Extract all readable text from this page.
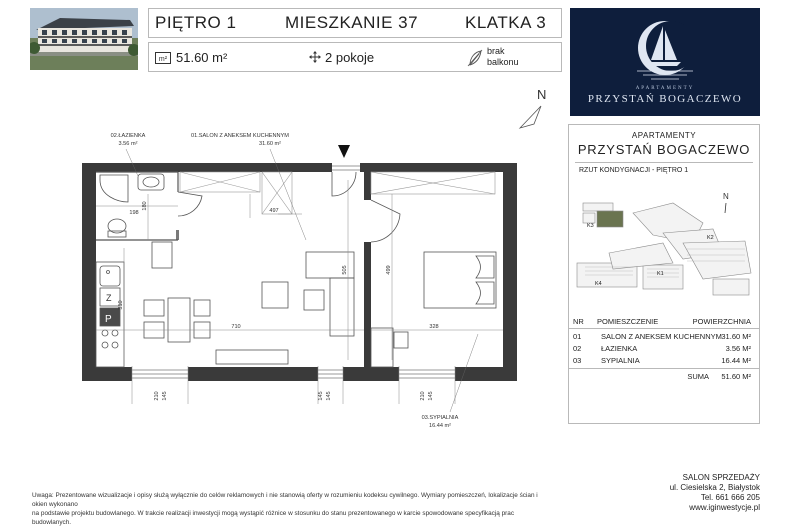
PIĘTRO 1	MIESZKANIE 37	KLATKA 3
m² 51.60 m²	2 pokoje	brak
balkonu
APARTAMENTY
PRZYSTAŃ BOGACZEWO
APARTAMENTY
PRZYSTAŃ BOGACZEWO
RZUT KONDYGNACJI - PIĘTRO 1
N
K3
K2
K1
K4
NR POMIESZCZENIE	POWIERZCHNIA
01	SALON Z ANEKSEM KUCHENNYM 31.60 M²
02	ŁAZIENKA	3.56 M²
03	SYPIALNIA	16.44 M²
SUMA 51.60 M²
N
Z
P
02.ŁAZIENKA
3.56 m²
01.SALON Z ANEKSEM KUCHENNYM
31.60 m²
03.SYPIALNIA
16.44 m²
198
180
497
505	499
310
710	328
210 145	145 145	210 145
SALON SPRZEDAŻY
ul. Ciesielska 2, Białystok
Tel. 661 666 205
www.iginwestycje.pl
Uwaga: Prezentowane wizualizacje i opisy służą wyłącznie do celów reklamowych i nie stanowią oferty w rozumieniu kodeksu cywilnego. Wymiary pomieszczeń, lokalizacje ścian i okien wykonano
na podstawie projektu budowlanego. W trakcie realizacji inwestycji mogą wystąpić różnice w stosunku do stanu prezentowanego w karcie spowodowane specyfikacją prac budowlanych.
